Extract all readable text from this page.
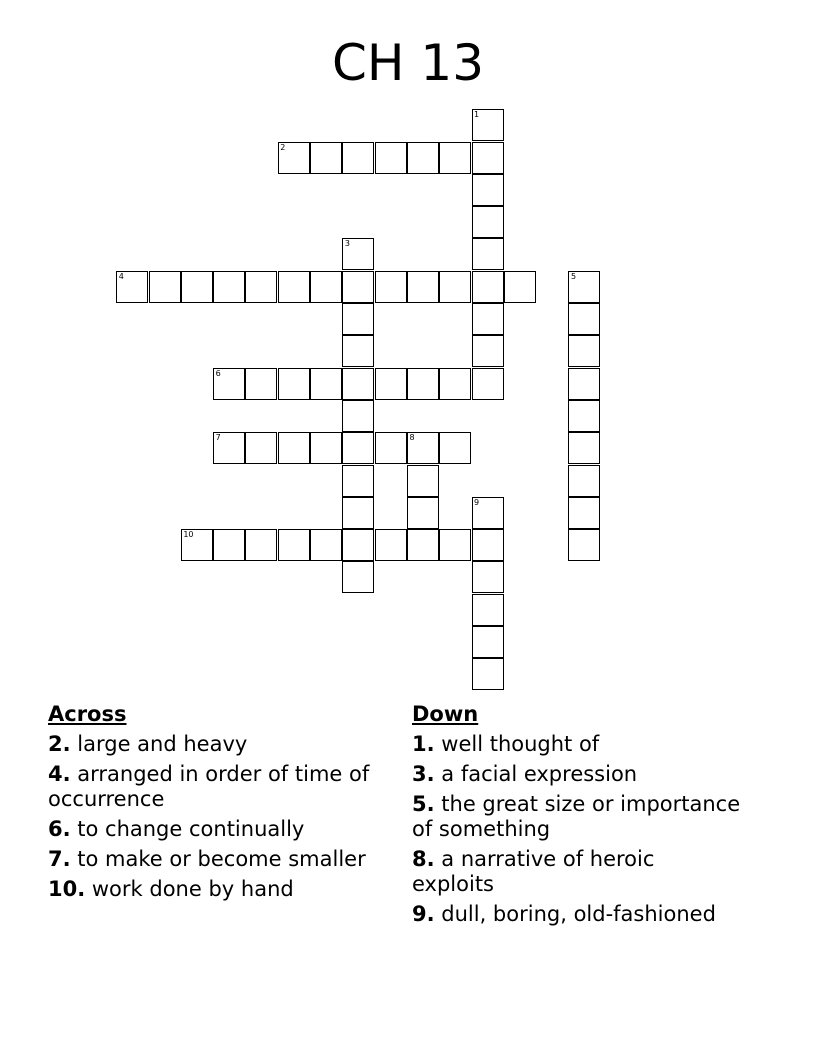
CH 13
1
2
3
4	5
6
7	8
9
10
Across
2. large and heavy
4. arranged in order of time of occurrence
6. to change continually
7. to make or become smaller
10. work done by hand
Down
1. well thought of
3. a facial expression
5. the great size or importance of something
8. a narrative of heroic exploits
9. dull, boring, old-fashioned
